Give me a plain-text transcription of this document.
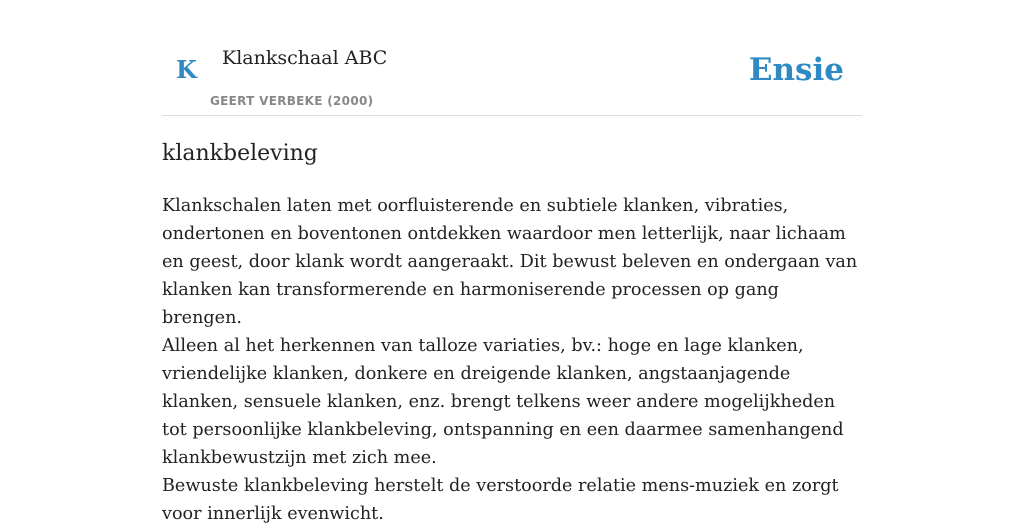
K Klankschaal ABC
GEERT VERBEKE (2000)
Ensie
klankbeleving

Klankschalen laten met oorfluisterende en subtiele klanken, vibraties, ondertonen en boventonen ontdekken waardoor men letterlijk, naar lichaam en geest, door klank wordt aangeraakt. Dit bewust beleven en ondergaan van klanken kan transformerende en harmoniserende processen op gang brengen.

Alleen al het herkennen van talloze variaties, bv.: hoge en lage klanken, vriendelijke klanken, donkere en dreigende klanken, angstaanjagende klanken, sensuele klanken, enz. brengt telkens weer andere mogelijkheden tot persoonlijke klankbeleving, ontspanning en een daarmee samenhangend klankbewustzijn met zich mee.

Bewuste klankbeleving herstelt de verstoorde relatie mens-muziek en zorgt voor innerlijk evenwicht.
